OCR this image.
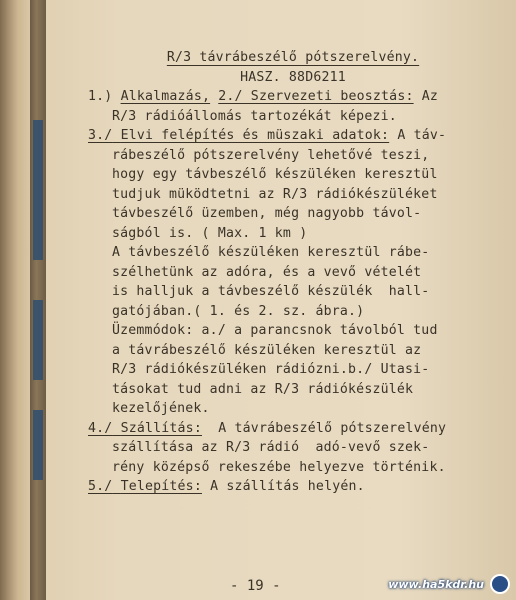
R/3 távrábeszélő pótszerelvény.
HASZ. 88D6211
1.) Alkalmazás, 2./ Szervezeti beosztás: Az
R/3 rádióállomás tartozékát képezi.
3./ Elvi felépítés és müszaki adatok: A táv-
rábeszélő pótszerelvény lehetővé teszi,
hogy egy távbeszélő készüléken keresztül
tudjuk müködtetni az R/3 rádiókészüléket
távbeszélő üzemben, még nagyobb távol-
ságból is. ( Max. 1 km )
A távbeszélő készüléken keresztül rábe-
szélhetünk az adóra, és a vevő vételét
is halljuk a távbeszélő készülék  hall-
gatójában.( 1. és 2. sz. ábra.)
Üzemmódok: a./ a parancsnok távolból tud
a távrábeszélő készüléken keresztül az
R/3 rádiókészüléken rádiózni.b./ Utasi-
tásokat tud adni az R/3 rádiókészülék
kezelőjének.
4./ Szállítás: A távrábeszélő pótszerelvény
szállítása az R/3 rádió  adó-vevő szek-
rény középső rekeszébe helyezve történik.
5./ Telepítés: A szállítás helyén.
- 19 -	www.ha5kdr.hu
